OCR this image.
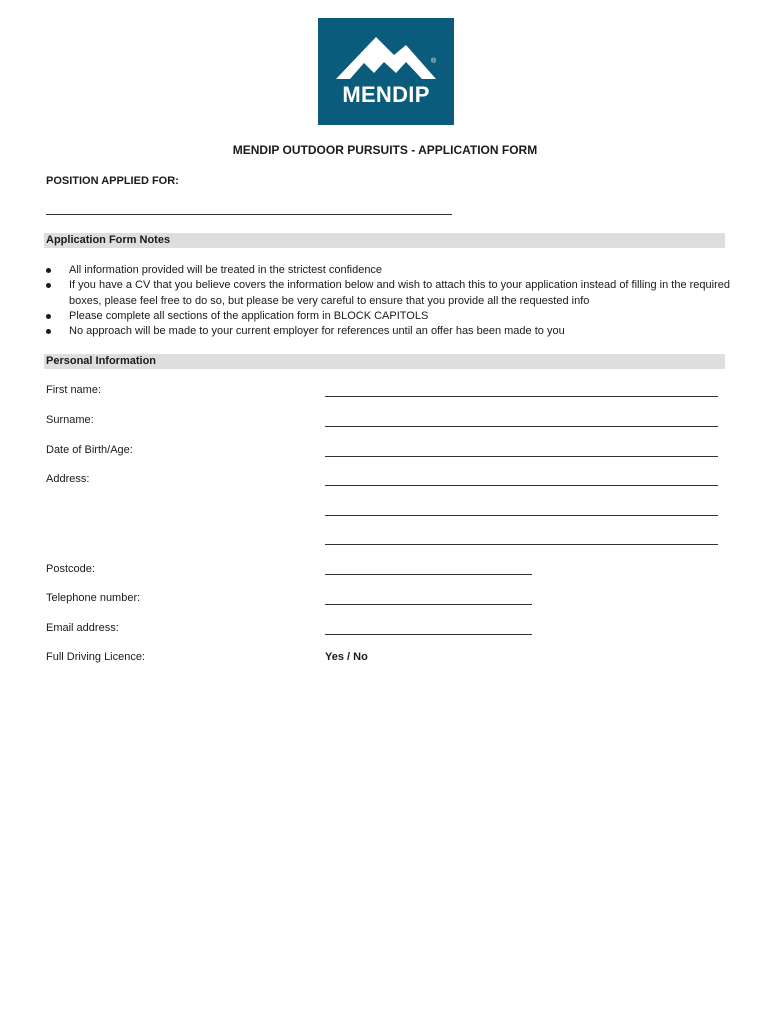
®
MENDIP
MENDIP OUTDOOR PURSUITS - APPLICATION FORM
POSITION APPLIED FOR:
Application Form Notes
All information provided will be treated in the strictest confidence
If you have a CV that you believe covers the information below and wish to attach this to your application instead of filling in the required boxes, please feel free to do so, but please be very careful to ensure that you provide all the requested info
Please complete all sections of the application form in BLOCK CAPITOLS
No approach will be made to your current employer for references until an offer has been made to you
Personal Information
First name:
Surname:
Date of Birth/Age:
Address:
Postcode:
Telephone number:
Email address:
Full Driving Licence:	Yes / No
